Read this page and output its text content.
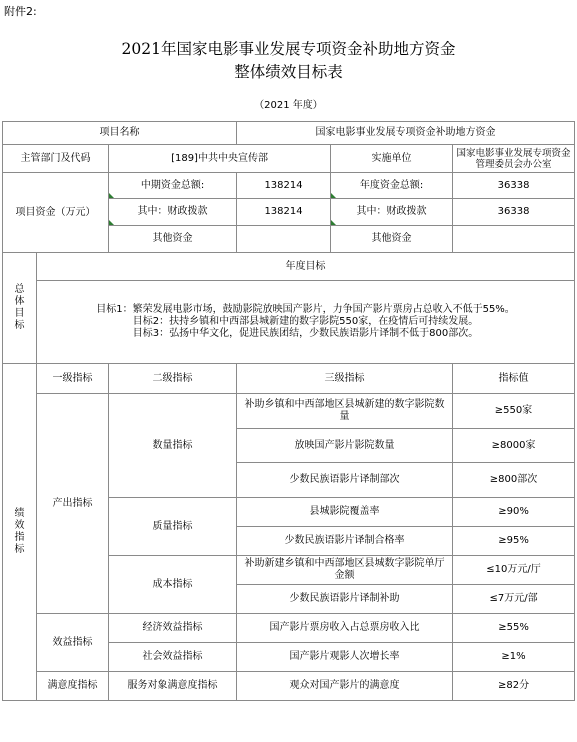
附件2:
2021年国家电影事业发展专项资金补助地方资金
整体绩效目标表
（2021 年度）
项目名称			国家电影事业发展专项资金补助地方资金		
主管部门及代码		[189]中共中央宣传部		实施单位	国家电影事业发展专项资金管理委员会办公室
项目资金（万元）		中期资金总额:	138214	年度资金总额:	36338
		其中：财政拨款	138214	其中：财政拨款	36338
		其他资金		其他资金	
总体目标	年度目标				

	目标1：繁荣发展电影市场，鼓励影院放映国产影片，力争国产影片票房占总收入不低于55%。
目标2：扶持乡镇和中西部县城新建的数字影院550家，在疫情后可持续发展。
目标3：弘扬中华文化，促进民族团结，少数民族语影片译制不低于800部次。				

绩效指标	一级指标	二级指标	三级指标		指标值
	产出指标	数量指标	补助乡镇和中西部地区县城新建的数字影院数量		≥550家
			放映国产影片影院数量		≥8000家
			少数民族语影片译制部次		≥800部次
		质量指标	县城影院覆盖率		≥90%
			少数民族语影片译制合格率		≥95%
		成本指标	补助新建乡镇和中西部地区县城数字影院单厅金额		≤10万元/厅
			少数民族语影片译制补助		≤7万元/部
	效益指标	经济效益指标	国产影片票房收入占总票房收入比		≥55%
		社会效益指标	国产影片观影人次增长率		≥1%
	满意度指标	服务对象满意度指标	观众对国产影片的满意度		≥82分
